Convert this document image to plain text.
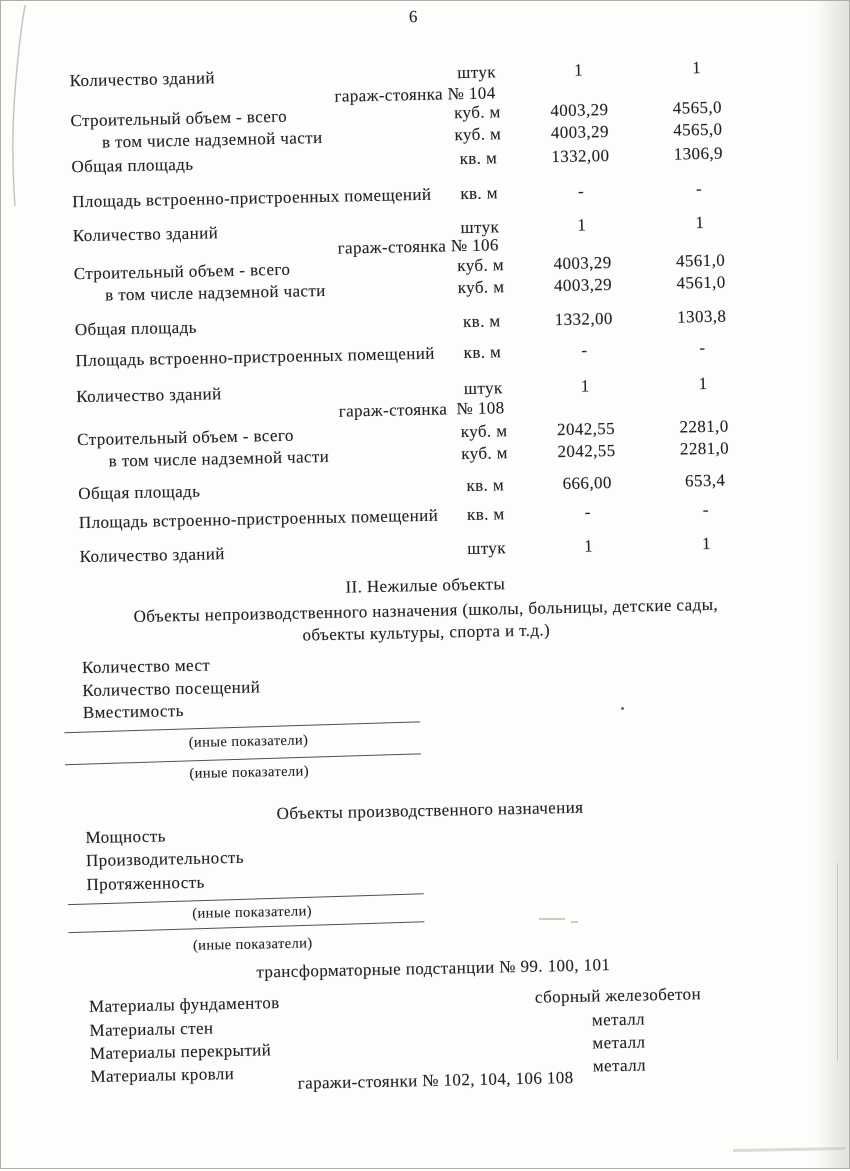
6
Количество зданий	штук	1	1
гараж-стоянка № 104
Строительный объем - всего	куб. м	4003,29	4565,0
в том числе надземной части	куб. м	4003,29	4565,0
Общая площадь	кв. м	1332,00	1306,9
Площадь встроенно-пристроенных помещений	кв. м	-	-
Количество зданий	штук	1	1
гараж-стоянка № 106
Строительный объем - всего	куб. м	4003,29	4561,0
в том числе надземной части	куб. м	4003,29	4561,0
Общая площадь	кв. м	1332,00	1303,8
Площадь встроенно-пристроенных помещений	кв. м	-	-
Количество зданий	штук	1	1
гараж-стоянка  № 108
Строительный объем - всего	куб. м	2042,55	2281,0
в том числе надземной части	куб. м	2042,55	2281,0
Общая площадь	кв. м	666,00	653,4
Площадь встроенно-пристроенных помещений	кв. м	-	-
Количество зданий	штук	1	1
II. Нежилые объекты
Объекты непроизводственного назначения (школы, больницы, детские сады,
объекты культуры, спорта и т.д.)
Количество мест
Количество посещений
Вместимость
(иные показатели)
(иные показатели)
Объекты производственного назначения
Мощность
Производительность
Протяженность
(иные показатели)
(иные показатели)
трансформаторные подстанции № 99. 100, 101
Материалы фундаментов	сборный железобетон
Материалы стен	металл
Материалы перекрытий	металл
Материалы кровли	металл
гаражи-стоянки № 102, 104, 106 108
